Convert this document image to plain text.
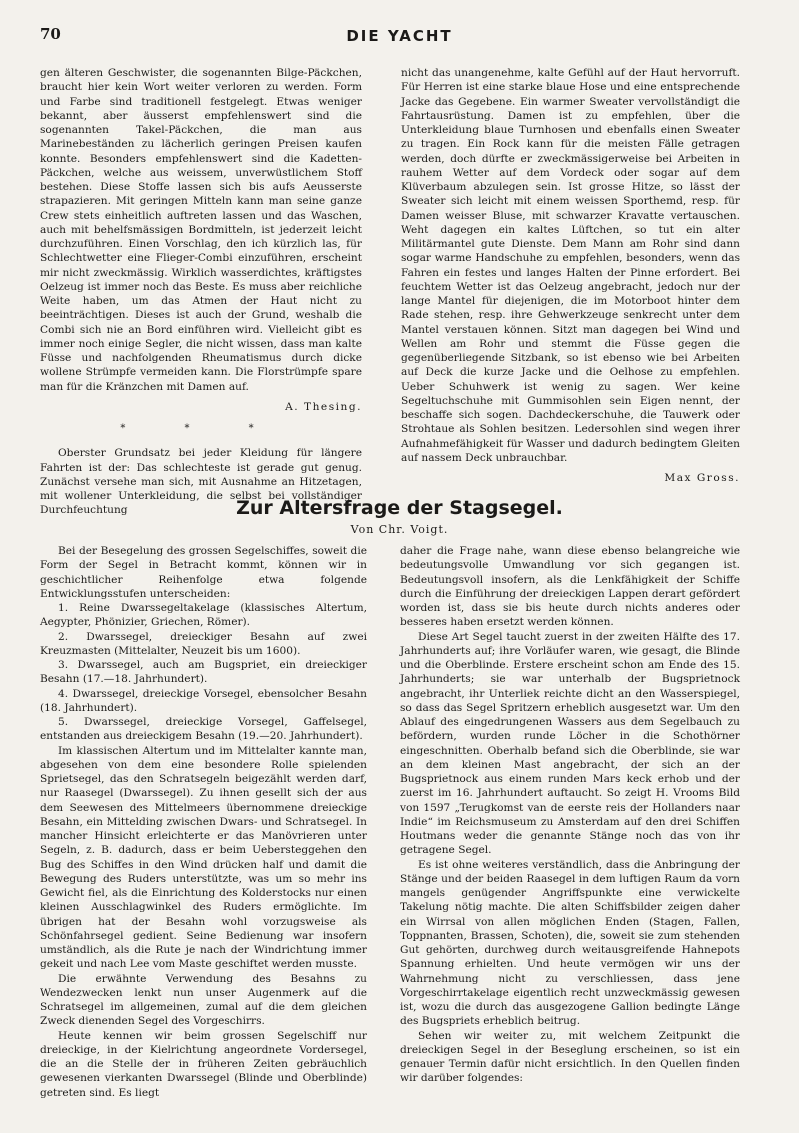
70	DIE YACHT

gen älteren Geschwister, die sogenannten Bilge-Päckchen, braucht hier kein Wort weiter verloren zu werden. Form und Farbe sind traditionell festgelegt. Etwas weniger bekannt, aber äusserst empfehlenswert sind die sogenannten Takel-Päckchen, die man aus Marinebeständen zu lächerlich geringen Preisen kaufen konnte. Besonders empfehlenswert sind die Kadetten-Päckchen, welche aus weissem, unverwüstlichem Stoff bestehen. Diese Stoffe lassen sich bis aufs Aeusserste strapazieren. Mit geringen Mitteln kann man seine ganze Crew stets einheitlich auftreten lassen und das Waschen, auch mit behelfsmässigen Bordmitteln, ist jederzeit leicht durchzuführen. Einen Vorschlag, den ich kürzlich las, für Schlechtwetter eine Flieger-Combi einzuführen, erscheint mir nicht zweckmässig. Wirklich wasserdichtes, kräftigstes Oelzeug ist immer noch das Beste. Es muss aber reichliche Weite haben, um das Atmen der Haut nicht zu beeinträchtigen. Dieses ist auch der Grund, weshalb die Combi sich nie an Bord einführen wird. Vielleicht gibt es immer noch einige Segler, die nicht wissen, dass man kalte Füsse und nachfolgenden Rheumatismus durch dicke wollene Strümpfe vermeiden kann. Die Florstrümpfe spare man für die Kränzchen mit Damen auf.

A. Thesing.

* * *

Oberster Grundsatz bei jeder Kleidung für längere Fahrten ist der: Das schlechteste ist gerade gut genug. Zunächst versehe man sich, mit Ausnahme an Hitzetagen, mit wollener Unterkleidung, die selbst bei vollständiger Durchfeuchtung

nicht das unangenehme, kalte Gefühl auf der Haut hervorruft. Für Herren ist eine starke blaue Hose und eine entsprechende Jacke das Gegebene. Ein warmer Sweater vervollständigt die Fahrtausrüstung. Damen ist zu empfehlen, über die Unterkleidung blaue Turnhosen und ebenfalls einen Sweater zu tragen. Ein Rock kann für die meisten Fälle getragen werden, doch dürfte er zweckmässigerweise bei Arbeiten in rauhem Wetter auf dem Vordeck oder sogar auf dem Klüverbaum abzulegen sein. Ist grosse Hitze, so lässt der Sweater sich leicht mit einem weissen Sporthemd, resp. für Damen weisser Bluse, mit schwarzer Kravatte vertauschen. Weht dagegen ein kaltes Lüftchen, so tut ein alter Militärmantel gute Dienste. Dem Mann am Rohr sind dann sogar warme Handschuhe zu empfehlen, besonders, wenn das Fahren ein festes und langes Halten der Pinne erfordert. Bei feuchtem Wetter ist das Oelzeug angebracht, jedoch nur der lange Mantel für diejenigen, die im Motorboot hinter dem Rade stehen, resp. ihre Gehwerkzeuge senkrecht unter dem Mantel verstauen können. Sitzt man dagegen bei Wind und Wellen am Rohr und stemmt die Füsse gegen die gegenüberliegende Sitzbank, so ist ebenso wie bei Arbeiten auf Deck die kurze Jacke und die Oelhose zu empfehlen. Ueber Schuhwerk ist wenig zu sagen. Wer keine Segeltuchschuhe mit Gummisohlen sein Eigen nennt, der beschaffe sich sogen. Dachdeckerschuhe, die Tauwerk oder Strohtaue als Sohlen besitzen. Ledersohlen sind wegen ihrer Aufnahmefähigkeit für Wasser und dadurch bedingtem Gleiten auf nassem Deck unbrauchbar.

Max Gross.

Zur Altersfrage der Stagsegel.
Von Chr. Voigt.

Bei der Besegelung des grossen Segelschiffes, soweit die Form der Segel in Betracht kommt, können wir in geschichtlicher Reihenfolge etwa folgende Entwicklungsstufen unterscheiden:

1. Reine Dwarssegeltakelage (klassisches Altertum, Aegypter, Phönizier, Griechen, Römer).

2. Dwarssegel, dreieckiger Besahn auf zwei Kreuzmasten (Mittelalter, Neuzeit bis um 1600).

3. Dwarssegel, auch am Bugspriet, ein dreieckiger Besahn (17.—18. Jahrhundert).

4. Dwarssegel, dreieckige Vorsegel, ebensolcher Besahn (18. Jahrhundert).

5. Dwarssegel, dreieckige Vorsegel, Gaffelsegel, entstanden aus dreieckigem Besahn (19.—20. Jahrhundert).

Im klassischen Altertum und im Mittelalter kannte man, abgesehen von dem eine besondere Rolle spielenden Sprietsegel, das den Schratsegeln beigezählt werden darf, nur Raasegel (Dwarssegel). Zu ihnen gesellt sich der aus dem Seewesen des Mittelmeers übernommene dreieckige Besahn, ein Mittelding zwischen Dwars- und Schratsegel. In mancher Hinsicht erleichterte er das Manövrieren unter Segeln, z. B. dadurch, dass er beim Uebersteggehen den Bug des Schiffes in den Wind drücken half und damit die Bewegung des Ruders unterstützte, was um so mehr ins Gewicht fiel, als die Einrichtung des Kolderstocks nur einen kleinen Ausschlagwinkel des Ruders ermöglichte. Im übrigen hat der Besahn wohl vorzugsweise als Schönfahrsegel gedient. Seine Bedienung war insofern umständlich, als die Rute je nach der Windrichtung immer gekeit und nach Lee vom Maste geschiftet werden musste.

Die erwähnte Verwendung des Besahns zu Wendezwecken lenkt nun unser Augenmerk auf die Schratsegel im allgemeinen, zumal auf die dem gleichen Zweck dienenden Segel des Vorgeschirrs.

Heute kennen wir beim grossen Segelschiff nur dreieckige, in der Kielrichtung angeordnete Vordersegel, die an die Stelle der in früheren Zeiten gebräuchlich gewesenen vierkanten Dwarssegel (Blinde und Oberblinde) getreten sind. Es liegt

daher die Frage nahe, wann diese ebenso belangreiche wie bedeutungsvolle Umwandlung vor sich gegangen ist. Bedeutungsvoll insofern, als die Lenkfähigkeit der Schiffe durch die Einführung der dreieckigen Lappen derart gefördert worden ist, dass sie bis heute durch nichts anderes oder besseres haben ersetzt werden können.

Diese Art Segel taucht zuerst in der zweiten Hälfte des 17. Jahrhunderts auf; ihre Vorläufer waren, wie gesagt, die Blinde und die Oberblinde. Erstere erscheint schon am Ende des 15. Jahrhunderts; sie war unterhalb der Bugsprietnock angebracht, ihr Unterliek reichte dicht an den Wasserspiegel, so dass das Segel Spritzern erheblich ausgesetzt war. Um den Ablauf des eingedrungenen Wassers aus dem Segelbauch zu befördern, wurden runde Löcher in die Schothörner eingeschnitten. Oberhalb befand sich die Oberblinde, sie war an dem kleinen Mast angebracht, der sich an der Bugsprietnock aus einem runden Mars keck erhob und der zuerst im 16. Jahrhundert auftaucht. So zeigt H. Vrooms Bild von 1597 „Terugkomst van de eerste reis der Hollanders naar Indie“ im Reichsmuseum zu Amsterdam auf den drei Schiffen Houtmans weder die genannte Stänge noch das von ihr getragene Segel.

Es ist ohne weiteres verständlich, dass die Anbringung der Stänge und der beiden Raasegel in dem luftigen Raum da vorn mangels genügender Angriffspunkte eine verwickelte Takelung nötig machte. Die alten Schiffsbilder zeigen daher ein Wirrsal von allen möglichen Enden (Stagen, Fallen, Toppnanten, Brassen, Schoten), die, soweit sie zum stehenden Gut gehörten, durchweg durch weitausgreifende Hahnepots Spannung erhielten. Und heute vermögen wir uns der Wahrnehmung nicht zu verschliessen, dass jene Vorgeschirrtakelage eigentlich recht unzweckmässig gewesen ist, wozu die durch das ausgezogene Gallion bedingte Länge des Bugspriets erheblich beitrug.

Sehen wir weiter zu, mit welchem Zeitpunkt die dreieckigen Segel in der Beseglung erscheinen, so ist ein genauer Termin dafür nicht ersichtlich. In den Quellen finden wir darüber folgendes:
